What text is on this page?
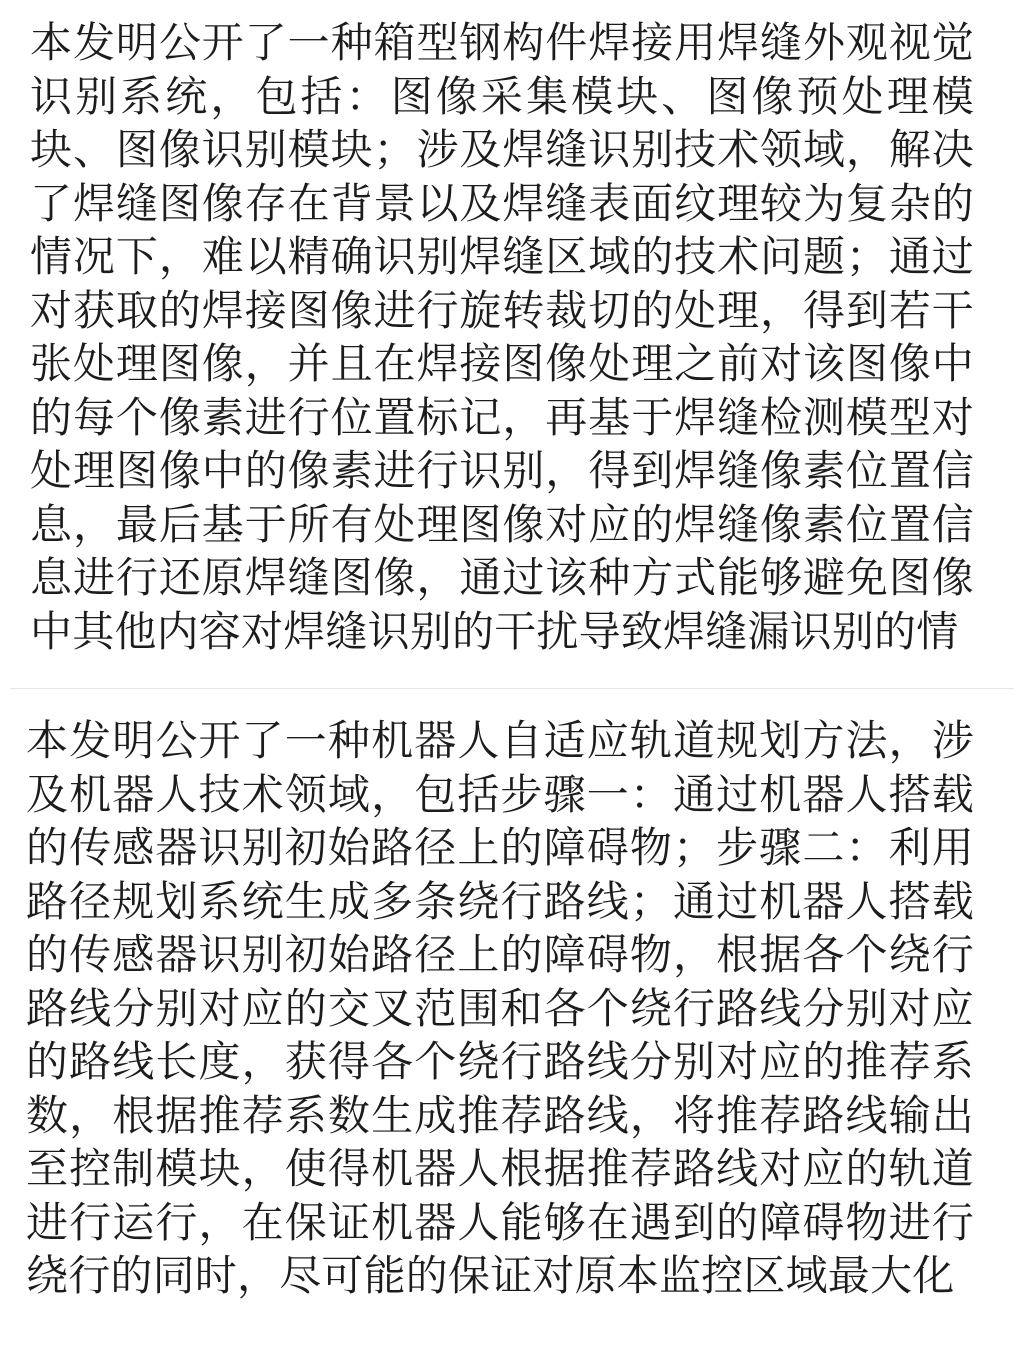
本发明公开了一种箱型钢构件焊接用焊缝外观视觉识别系统，包括：图像采集模块、图像预处理模块、图像识别模块；涉及焊缝识别技术领域，解决了焊缝图像存在背景以及焊缝表面纹理较为复杂的情况下，难以精确识别焊缝区域的技术问题；通过对获取的焊接图像进行旋转裁切的处理，得到若干张处理图像，并且在焊接图像处理之前对该图像中的每个像素进行位置标记，再基于焊缝检测模型对处理图像中的像素进行识别，得到焊缝像素位置信息，最后基于所有处理图像对应的焊缝像素位置信息进行还原焊缝图像，通过该种方式能够避免图像中其他内容对焊缝识别的干扰导致焊缝漏识别的情

本发明公开了一种机器人自适应轨道规划方法，涉及机器人技术领域，包括步骤一：通过机器人搭载的传感器识别初始路径上的障碍物；步骤二：利用路径规划系统生成多条绕行路线；通过机器人搭载的传感器识别初始路径上的障碍物，根据各个绕行路线分别对应的交叉范围和各个绕行路线分别对应的路线长度，获得各个绕行路线分别对应的推荐系数，根据推荐系数生成推荐路线，将推荐路线输出至控制模块，使得机器人根据推荐路线对应的轨道进行运行，在保证机器人能够在遇到的障碍物进行绕行的同时，尽可能的保证对原本监控区域最大化
